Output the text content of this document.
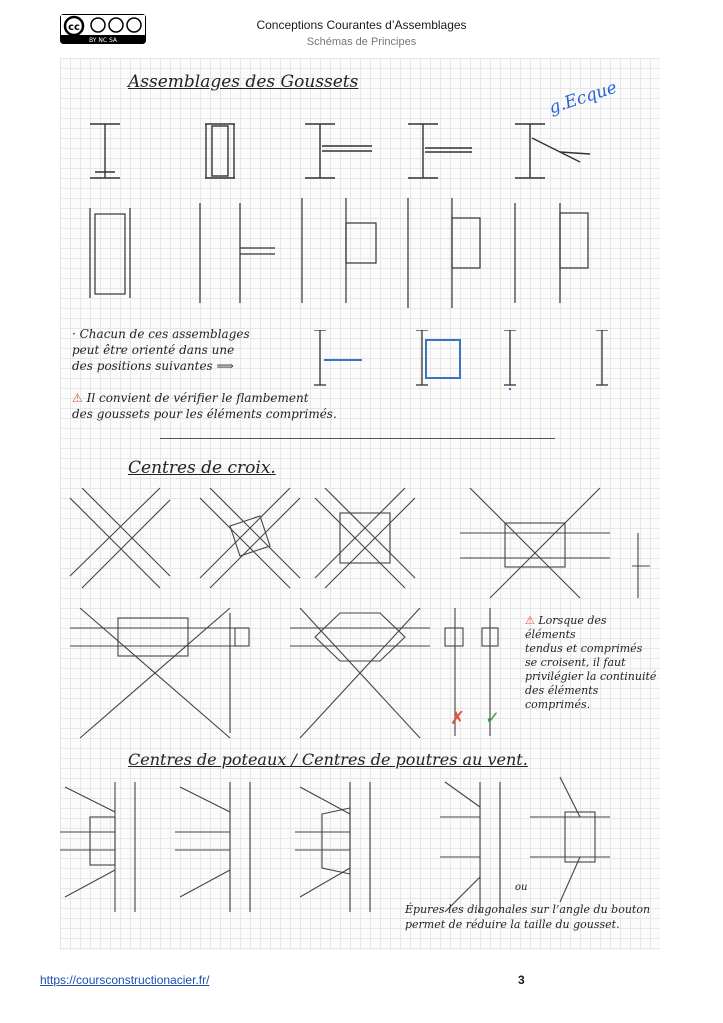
cc
BY NC SA
Conceptions Courantes d’Assemblages
Schémas de Principes
Assemblages des Goussets	g.Ecque
· Chacun de ces assemblages
peut être orienté dans une
des positions suivantes ⟹
⚠ Il convient de vérifier le flambement
des goussets pour les éléments comprimés.
Centres de croix.
✗ ✓
⚠ Lorsque des éléments
tendus et comprimés
se croisent, il faut
privilégier la continuité
des éléments comprimés.
Centres de poteaux / Centres de poutres au vent.
ou
Épures les diagonales sur l’angle du bouton
permet de réduire la taille du gousset.
https://coursconstructionacier.fr/	3
